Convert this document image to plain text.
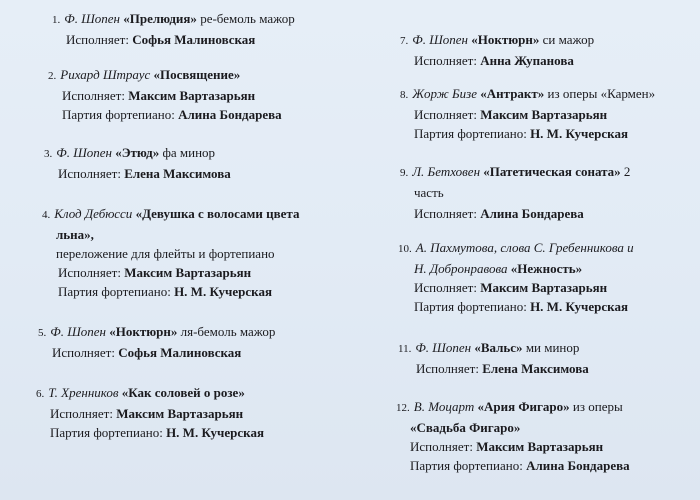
1. Ф. Шопен «Прелюдия» ре-бемоль мажор
Исполняет: Софья Малиновская
2. Рихард Штраус «Посвящение»
Исполняет: Максим Вартазарьян
Партия фортепиано: Алина Бондарева
3. Ф. Шопен «Этюд» фа минор
Исполняет: Елена Максимова
4. Клод Дебюсси «Девушка с волосами цвета
льна»,
переложение для флейты и фортепиано
Исполняет: Максим Вартазарьян
Партия фортепиано: Н. М. Кучерская
5. Ф. Шопен «Ноктюрн» ля-бемоль мажор
Исполняет: Софья Малиновская
6. Т. Хренников «Как соловей о розе»
Исполняет: Максим Вартазарьян
Партия фортепиано: Н. М. Кучерская
7. Ф. Шопен «Ноктюрн» си мажор
Исполняет: Анна Жупанова
8. Жорж Бизе «Антракт» из оперы «Кармен»
Исполняет: Максим Вартазарьян
Партия фортепиано: Н. М. Кучерская
9. Л. Бетховен «Патетическая соната» 2
часть
Исполняет: Алина Бондарева
10. А. Пахмутова, слова С. Гребенникова и
Н. Добронравова «Нежность»
Исполняет: Максим Вартазарьян
Партия фортепиано: Н. М. Кучерская
11. Ф. Шопен «Вальс» ми минор
Исполняет: Елена Максимова
12. В. Моцарт «Ария Фигаро» из оперы
«Свадьба Фигаро»
Исполняет: Максим Вартазарьян
Партия фортепиано: Алина Бондарева
